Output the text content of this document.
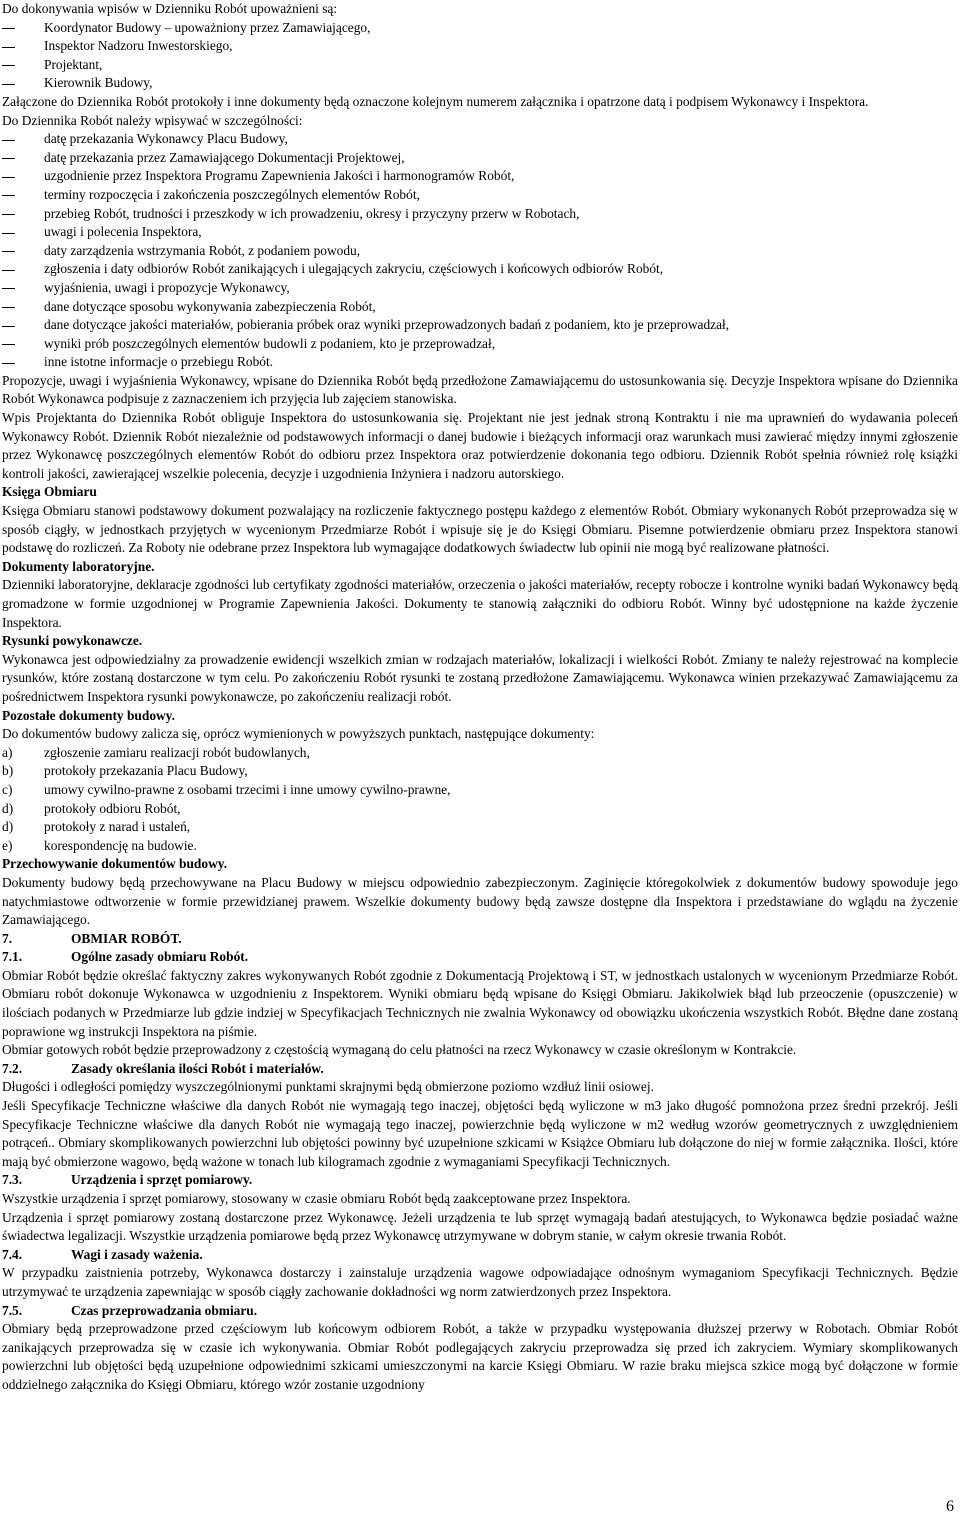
Do dokonywania wpisów w Dzienniku Robót upoważnieni są:

Koordynator Budowy – upoważniony przez Zamawiającego,
Inspektor Nadzoru Inwestorskiego,
Projektant,
Kierownik Budowy,

Załączone do Dziennika Robót protokoły i inne dokumenty będą oznaczone kolejnym numerem załącznika i opatrzone datą i podpisem Wykonawcy i Inspektora.

Do Dziennika Robót należy wpisywać w szczególności:

datę przekazania Wykonawcy Placu Budowy,
datę przekazania przez Zamawiającego Dokumentacji Projektowej,
uzgodnienie przez Inspektora Programu Zapewnienia Jakości i harmonogramów Robót,
terminy rozpoczęcia i zakończenia poszczególnych elementów Robót,
przebieg Robót, trudności i przeszkody w ich prowadzeniu, okresy i przyczyny przerw w Robotach,
uwagi i polecenia Inspektora,
daty zarządzenia wstrzymania Robót, z podaniem powodu,
zgłoszenia i daty odbiorów Robót zanikających i ulegających zakryciu, częściowych i końcowych odbiorów Robót,
wyjaśnienia, uwagi i propozycje Wykonawcy,
dane dotyczące sposobu wykonywania zabezpieczenia Robót,
dane dotyczące jakości materiałów, pobierania próbek oraz wyniki przeprowadzonych badań z podaniem, kto je przeprowadzał,
wyniki prób poszczególnych elementów budowli z podaniem, kto je przeprowadzał,
inne istotne informacje o przebiegu Robót.

Propozycje, uwagi i wyjaśnienia Wykonawcy, wpisane do Dziennika Robót będą przedłożone Zamawiającemu do ustosunkowania się. Decyzje Inspektora wpisane do Dziennika Robót Wykonawca podpisuje z zaznaczeniem ich przyjęcia lub zajęciem stanowiska.

Wpis Projektanta do Dziennika Robót obliguje Inspektora do ustosunkowania się. Projektant nie jest jednak stroną Kontraktu i nie ma uprawnień do wydawania poleceń Wykonawcy Robót. Dziennik Robót niezależnie od podstawowych informacji o danej budowie i bieżących informacji oraz warunkach musi zawierać między innymi zgłoszenie przez Wykonawcę poszczególnych elementów Robót do odbioru przez Inspektora oraz potwierdzenie dokonania tego odbioru. Dziennik Robót spełnia również rolę książki kontroli jakości, zawierającej wszelkie polecenia, decyzje i uzgodnienia Inżyniera i nadzoru autorskiego.

Księga Obmiaru

Księga Obmiaru stanowi podstawowy dokument pozwalający na rozliczenie faktycznego postępu każdego z elementów Robót. Obmiary wykonanych Robót przeprowadza się w sposób ciągły, w jednostkach przyjętych w wycenionym Przedmiarze Robót i wpisuje się je do Księgi Obmiaru. Pisemne potwierdzenie obmiaru przez Inspektora stanowi podstawę do rozliczeń. Za Roboty nie odebrane przez Inspektora lub wymagające dodatkowych świadectw lub opinii nie mogą być realizowane płatności.

Dokumenty laboratoryjne.

Dzienniki laboratoryjne, deklaracje zgodności lub certyfikaty zgodności materiałów, orzeczenia o jakości materiałów, recepty robocze i kontrolne wyniki badań Wykonawcy będą gromadzone w formie uzgodnionej w Programie Zapewnienia Jakości. Dokumenty te stanowią załączniki do odbioru Robót. Winny być udostępnione na każde życzenie Inspektora.

Rysunki powykonawcze.

Wykonawca jest odpowiedzialny za prowadzenie ewidencji wszelkich zmian w rodzajach materiałów, lokalizacji i wielkości Robót. Zmiany te należy rejestrować na komplecie rysunków, które zostaną dostarczone w tym celu. Po zakończeniu Robót rysunki te zostaną przedłożone Zamawiającemu. Wykonawca winien przekazywać Zamawiającemu za pośrednictwem Inspektora rysunki powykonawcze, po zakończeniu realizacji robót.

Pozostałe dokumenty budowy.

Do dokumentów budowy zalicza się, oprócz wymienionych w powyższych punktach, następujące dokumenty:

a)	zgłoszenie zamiaru realizacji robót budowlanych,
b)	protokoły przekazania Placu Budowy,
c)	umowy cywilno-prawne z osobami trzecimi i inne umowy cywilno-prawne,
d)	protokoły odbioru Robót,
d)	protokoły z narad i ustaleń,
e)	korespondencję na budowie.

Przechowywanie dokumentów budowy.

Dokumenty budowy będą przechowywane na Placu Budowy w miejscu odpowiednio zabezpieczonym. Zaginięcie któregokolwiek z dokumentów budowy spowoduje jego natychmiastowe odtworzenie w formie przewidzianej prawem. Wszelkie dokumenty budowy będą zawsze dostępne dla Inspektora i przedstawiane do wglądu na życzenie Zamawiającego.

7.	OBMIAR ROBÓT.
7.1.	Ogólne zasady obmiaru Robót.

Obmiar Robót będzie określać faktyczny zakres wykonywanych Robót zgodnie z Dokumentacją Projektową i ST, w jednostkach ustalonych w wycenionym Przedmiarze Robót. Obmiaru robót dokonuje Wykonawca w uzgodnieniu z Inspektorem. Wyniki obmiaru będą wpisane do Księgi Obmiaru. Jakikolwiek błąd lub przeoczenie (opuszczenie) w ilościach podanych w Przedmiarze lub gdzie indziej w Specyfikacjach Technicznych nie zwalnia Wykonawcy od obowiązku ukończenia wszystkich Robót. Błędne dane zostaną poprawione wg instrukcji Inspektora na piśmie.

Obmiar gotowych robót będzie przeprowadzony z częstością wymaganą do celu płatności na rzecz Wykonawcy w czasie określonym w Kontrakcie.

7.2.	Zasady określania ilości Robót i materiałów.

Długości i odległości pomiędzy wyszczególnionymi punktami skrajnymi będą obmierzone poziomo wzdłuż linii osiowej.

Jeśli Specyfikacje Techniczne właściwe dla danych Robót nie wymagają tego inaczej, objętości będą wyliczone w m3 jako długość pomnożona przez średni przekrój. Jeśli Specyfikacje Techniczne właściwe dla danych Robót nie wymagają tego inaczej, powierzchnie będą wyliczone w m2 według wzorów geometrycznych z uwzględnieniem potrąceń.. Obmiary skomplikowanych powierzchni lub objętości powinny być uzupełnione szkicami w Książce Obmiaru lub dołączone do niej w formie załącznika. Ilości, które mają być obmierzone wagowo, będą ważone w tonach lub kilogramach zgodnie z wymaganiami Specyfikacji Technicznych.

7.3.	Urządzenia i sprzęt pomiarowy.

Wszystkie urządzenia i sprzęt pomiarowy, stosowany w czasie obmiaru Robót będą zaakceptowane przez Inspektora.

Urządzenia i sprzęt pomiarowy zostaną dostarczone przez Wykonawcę. Jeżeli urządzenia te lub sprzęt wymagają badań atestujących, to Wykonawca będzie posiadać ważne świadectwa legalizacji. Wszystkie urządzenia pomiarowe będą przez Wykonawcę utrzymywane w dobrym stanie, w całym okresie trwania Robót.

7.4.	Wagi i zasady ważenia.

W przypadku zaistnienia potrzeby, Wykonawca dostarczy i zainstaluje urządzenia wagowe odpowiadające odnośnym wymaganiom Specyfikacji Technicznych. Będzie utrzymywać te urządzenia zapewniając w sposób ciągły zachowanie dokładności wg norm zatwierdzonych przez Inspektora.

7.5.	Czas przeprowadzania obmiaru.

Obmiary będą przeprowadzone przed częściowym lub końcowym odbiorem Robót, a także w przypadku występowania dłuższej przerwy w Robotach. Obmiar Robót zanikających przeprowadza się w czasie ich wykonywania. Obmiar Robót podlegających zakryciu przeprowadza się przed ich zakryciem. Wymiary skomplikowanych powierzchni lub objętości będą uzupełnione odpowiednimi szkicami umieszczonymi na karcie Księgi Obmiaru. W razie braku miejsca szkice mogą być dołączone w formie oddzielnego załącznika do Księgi Obmiaru, którego wzór zostanie uzgodniony

6
